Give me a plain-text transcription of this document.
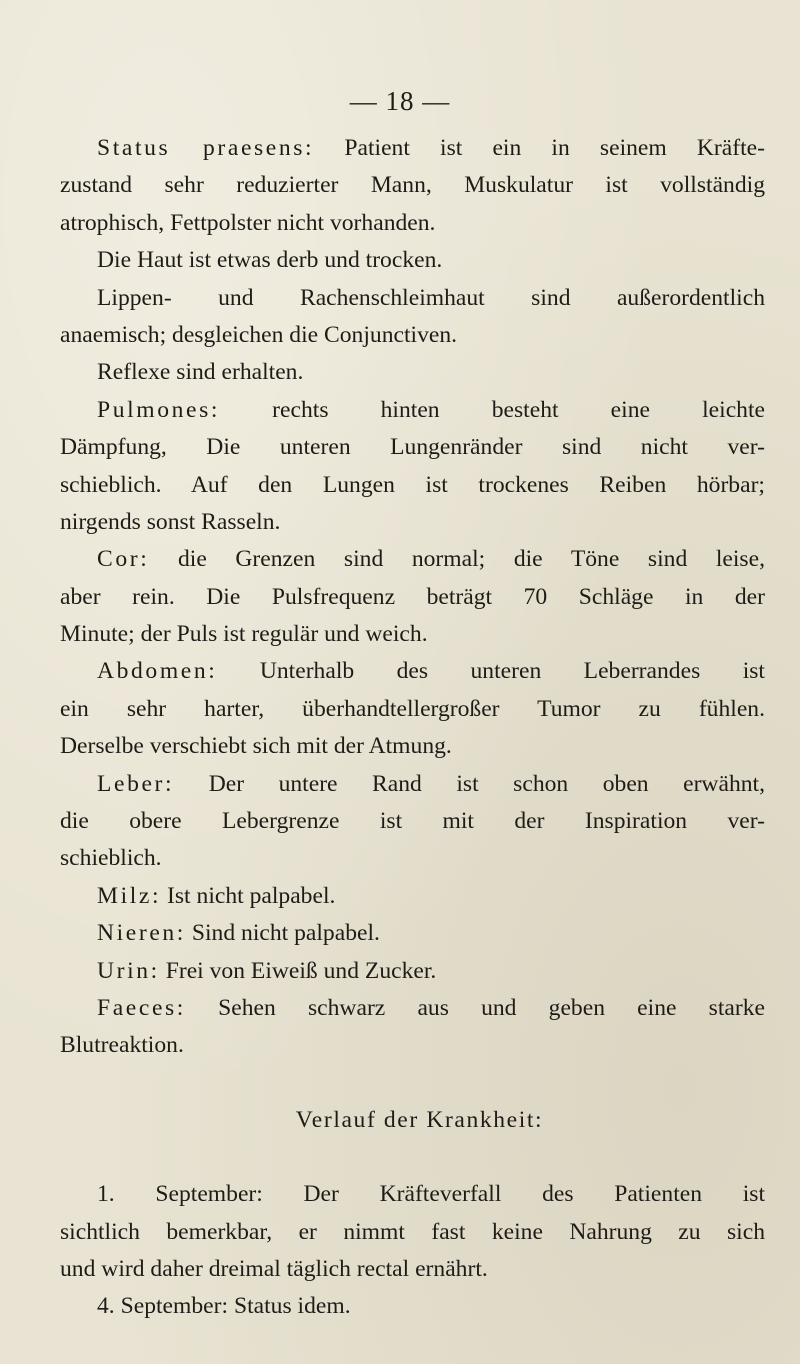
— 18 —
Status praesens: Patient ist ein in seinem Kräfte-
zustand sehr reduzierter Mann, Muskulatur ist vollständig
atrophisch, Fettpolster nicht vorhanden.
Die Haut ist etwas derb und trocken.
Lippen- und Rachenschleimhaut sind außerordentlich
anaemisch; desgleichen die Conjunctiven.
Reflexe sind erhalten.
Pulmones: rechts hinten besteht eine leichte
Dämpfung, Die unteren Lungenränder sind nicht ver-
schieblich. Auf den Lungen ist trockenes Reiben hörbar;
nirgends sonst Rasseln.
Cor: die Grenzen sind normal; die Töne sind leise,
aber rein. Die Pulsfrequenz beträgt 70 Schläge in der
Minute; der Puls ist regulär und weich.
Abdomen: Unterhalb des unteren Leberrandes ist
ein sehr harter, überhandtellergroßer Tumor zu fühlen.
Derselbe verschiebt sich mit der Atmung.
Leber: Der untere Rand ist schon oben erwähnt,
die obere Lebergrenze ist mit der Inspiration ver-
schieblich.
Milz: Ist nicht palpabel.
Nieren: Sind nicht palpabel.
Urin: Frei von Eiweiß und Zucker.
Faeces: Sehen schwarz aus und geben eine starke
Blutreaktion.
Verlauf der Krankheit:
1. September: Der Kräfteverfall des Patienten ist
sichtlich bemerkbar, er nimmt fast keine Nahrung zu sich
und wird daher dreimal täglich rectal ernährt.
4. September: Status idem.
